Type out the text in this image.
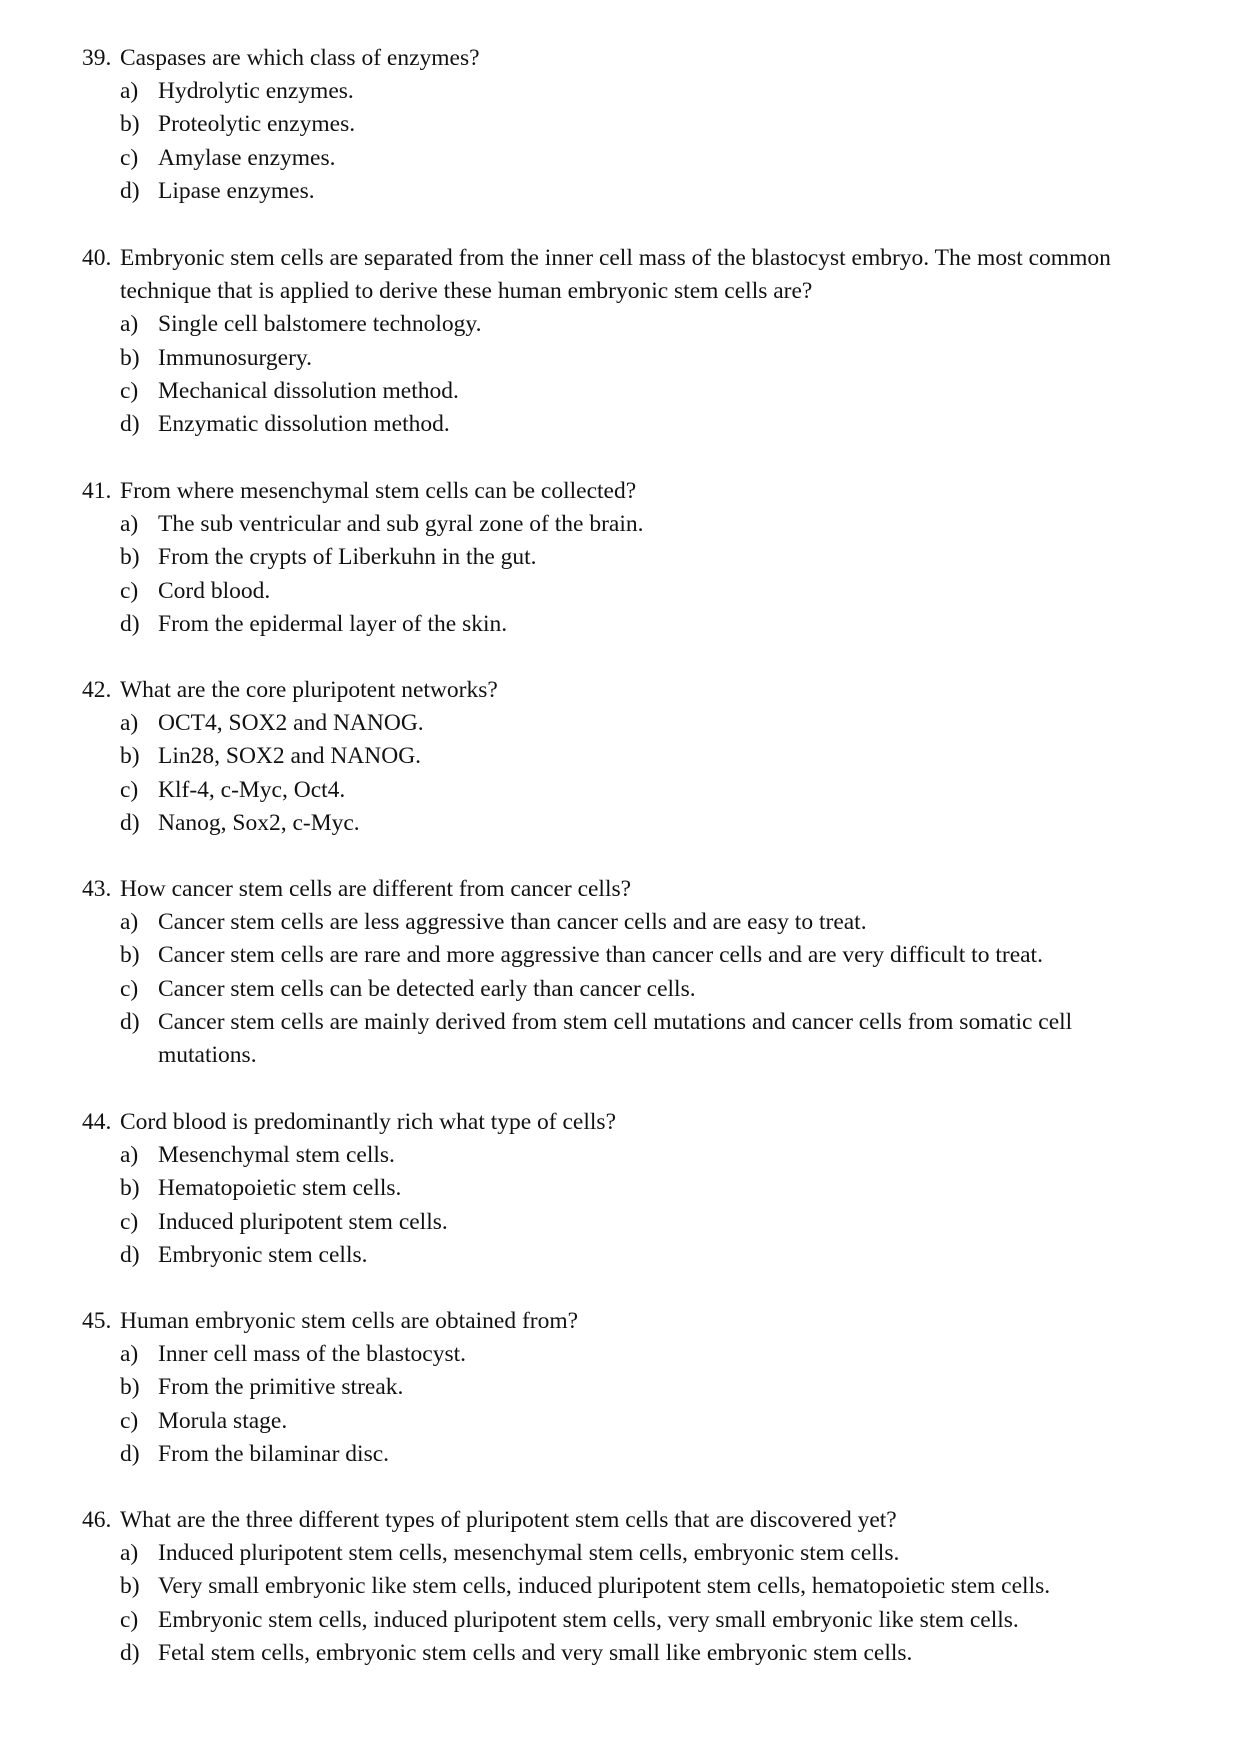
39. Caspases are which class of enzymes?
a) Hydrolytic enzymes.
b) Proteolytic enzymes.
c) Amylase enzymes.
d) Lipase enzymes.
40. Embryonic stem cells are separated from the inner cell mass of the blastocyst embryo. The most common technique that is applied to derive these human embryonic stem cells are?
a) Single cell balstomere technology.
b) Immunosurgery.
c) Mechanical dissolution method.
d) Enzymatic dissolution method.
41. From where mesenchymal stem cells can be collected?
a) The sub ventricular and sub gyral zone of the brain.
b) From the crypts of Liberkuhn in the gut.
c) Cord blood.
d) From the epidermal layer of the skin.
42. What are the core pluripotent networks?
a) OCT4, SOX2 and NANOG.
b) Lin28, SOX2 and NANOG.
c) Klf-4, c-Myc, Oct4.
d) Nanog, Sox2, c-Myc.
43. How cancer stem cells are different from cancer cells?
a) Cancer stem cells are less aggressive than cancer cells and are easy to treat.
b) Cancer stem cells are rare and more aggressive than cancer cells and are very difficult to treat.
c) Cancer stem cells can be detected early than cancer cells.
d) Cancer stem cells are mainly derived from stem cell mutations and cancer cells from somatic cell mutations.
44. Cord blood is predominantly rich what type of cells?
a) Mesenchymal stem cells.
b) Hematopoietic stem cells.
c) Induced pluripotent stem cells.
d) Embryonic stem cells.
45. Human embryonic stem cells are obtained from?
a) Inner cell mass of the blastocyst.
b) From the primitive streak.
c) Morula stage.
d) From the bilaminar disc.
46. What are the three different types of pluripotent stem cells that are discovered yet?
a) Induced pluripotent stem cells, mesenchymal stem cells, embryonic stem cells.
b) Very small embryonic like stem cells, induced pluripotent stem cells, hematopoietic stem cells.
c) Embryonic stem cells, induced pluripotent stem cells, very small embryonic like stem cells.
d) Fetal stem cells, embryonic stem cells and very small like embryonic stem cells.
